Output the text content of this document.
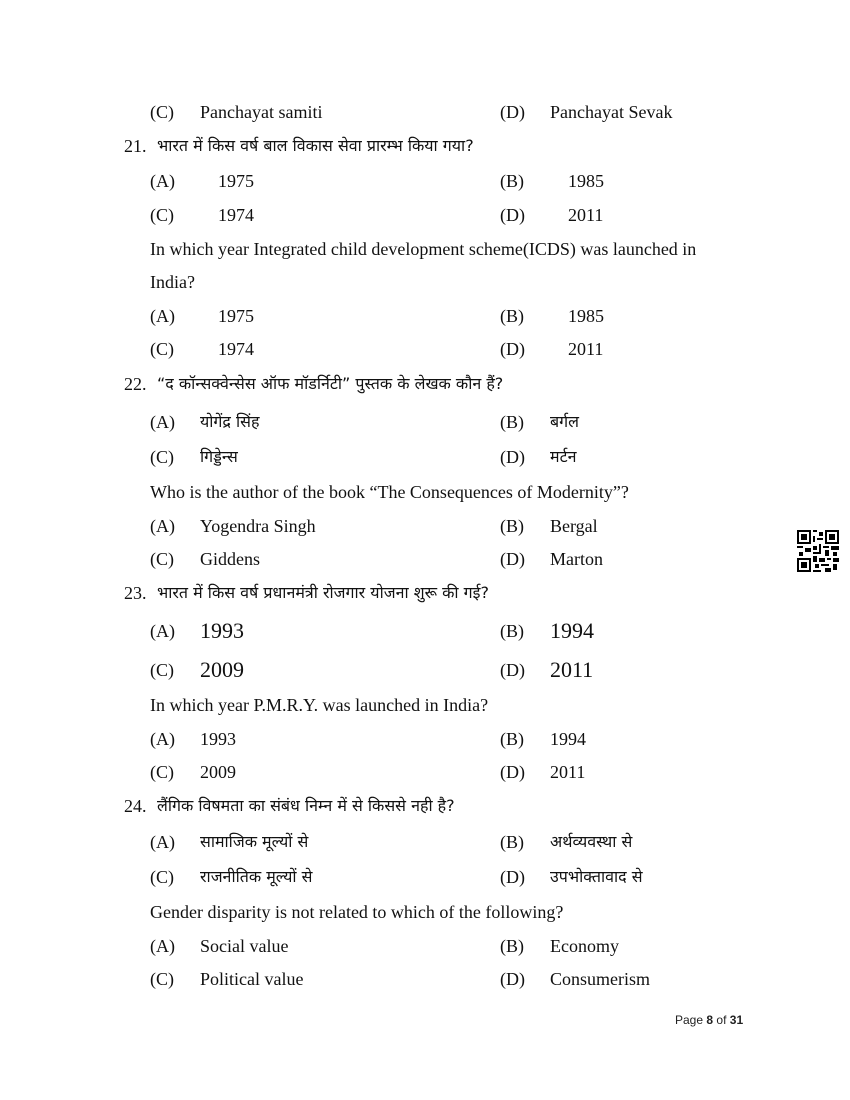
(C) Panchayat samiti	(D) Panchayat Sevak
21. भारत में किस वर्ष बाल विकास सेवा प्रारम्भ किया गया?
(A) 1975	(B) 1985
(C) 1974	(D) 2011
In which year Integrated child development scheme(ICDS) was launched in
India?
(A) 1975	(B) 1985
(C) 1974	(D) 2011
22. “द कॉन्सक्वेन्सेस ऑफ मॉडर्निटी” पुस्तक के लेखक कौन हैं?
(A) योगेंद्र सिंह	(B) बर्गल
(C) गिड्डेन्स	(D) मर्टन
Who is the author of the book “The Consequences of Modernity”?
(A) Yogendra Singh	(B) Bergal
(C) Giddens	(D) Marton
23. भारत में किस वर्ष प्रधानमंत्री रोजगार योजना शुरू की गई?
(A) 1993	(B) 1994
(C) 2009	(D) 2011
In which year P.M.R.Y. was launched in India?
(A) 1993	(B) 1994
(C) 2009	(D) 2011
24. लैंगिक विषमता का संबंध निम्न में से किससे नही है?
(A) सामाजिक मूल्यों से	(B) अर्थव्यवस्था से
(C) राजनीतिक मूल्यों से	(D) उपभोक्तावाद से
Gender disparity is not related to which of the following?
(A) Social value	(B) Economy
(C) Political value	(D) Consumerism
Page 8 of 31
